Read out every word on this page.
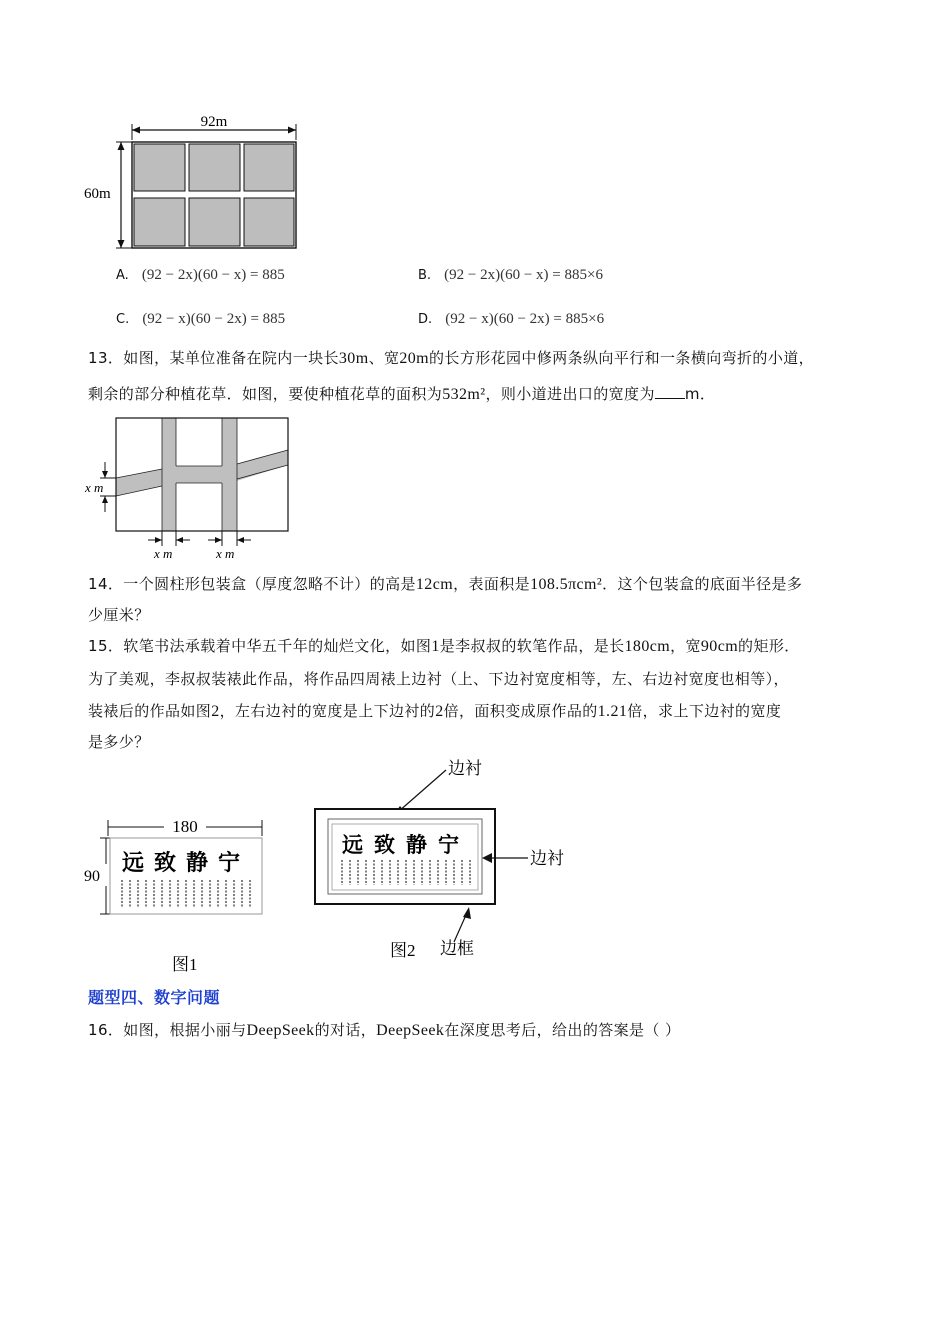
92m
60m
A. (92 − 2x)(60 − x) = 885	B. (92 − 2x)(60 − x) = 885×6
C. (92 − x)(60 − 2x) = 885	D. (92 − x)(60 − 2x) = 885×6
13．如图，某单位准备在院内一块长30m、宽20m的长方形花园中修两条纵向平行和一条横向弯折的小道，
剩余的部分种植花草．如图，要使种植花草的面积为532m²，则小道进出口的宽度为 m．
x m
x m	x m
14．一个圆柱形包装盒（厚度忽略不计）的高是12cm，表面积是108.5πcm²．这个包装盒的底面半径是多
少厘米？
15．软笔书法承载着中华五千年的灿烂文化，如图1是李叔叔的软笔作品，是长180cm，宽90cm的矩形．
为了美观，李叔叔装裱此作品，将作品四周裱上边衬（上、下边衬宽度相等，左、右边衬宽度也相等），
装裱后的作品如图2，左右边衬的宽度是上下边衬的2倍，面积变成原作品的1.21倍，求上下边衬的宽度
是多少？
180
90
远 致 静 宁
图1
边衬
远 致 静 宁
边衬
边框
图2
题型四、数字问题
16．如图，根据小丽与DeepSeek的对话，DeepSeek在深度思考后，给出的答案是（ ）
